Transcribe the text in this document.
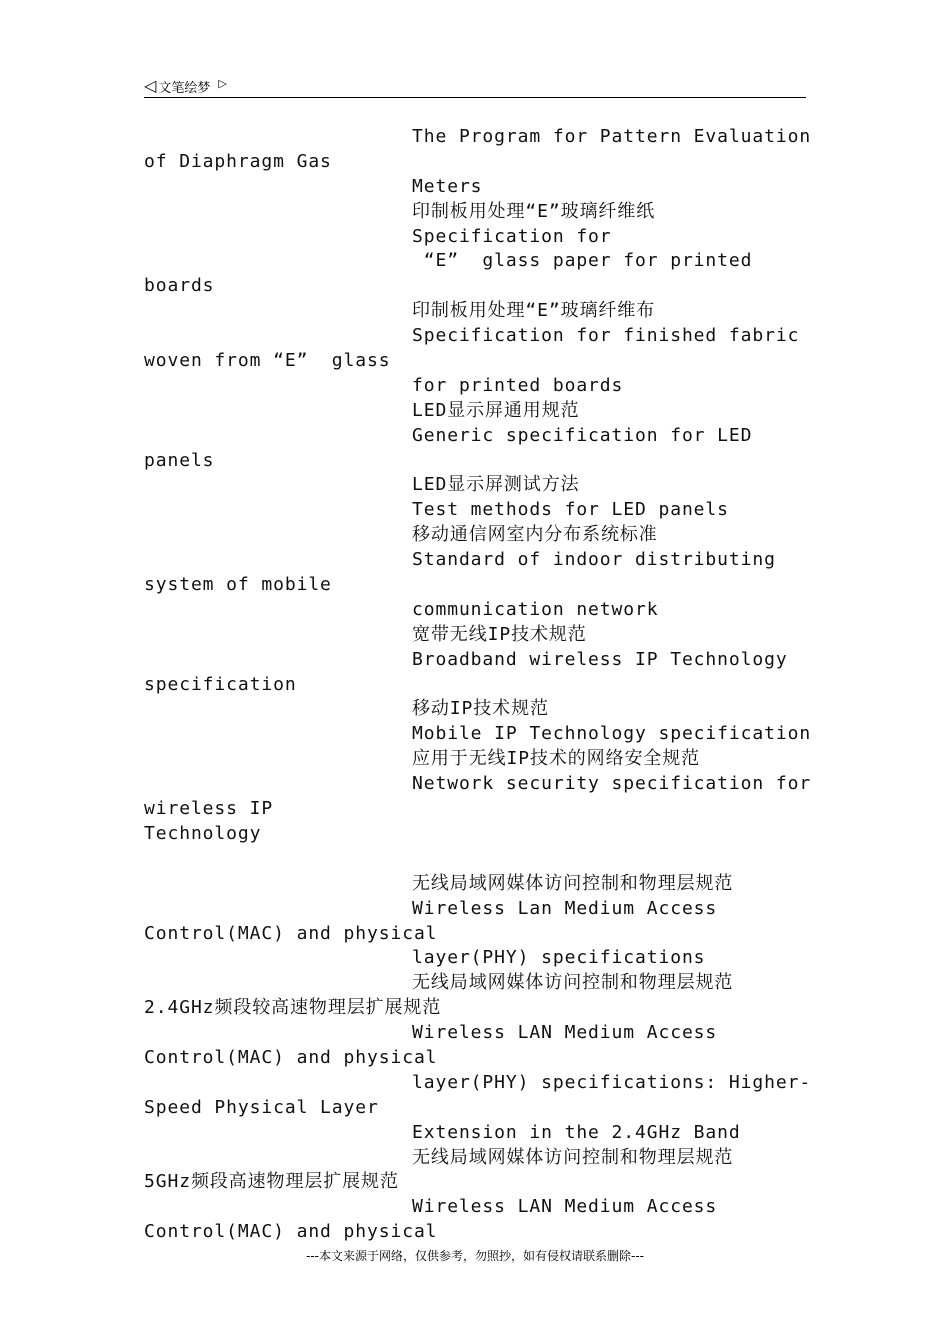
◁ 文笔绘梦 ▷
The Program for Pattern Evaluation
of Diaphragm Gas
Meters
印制板用处理“E”玻璃纤维纸
Specification for
“E”  glass paper for printed
boards
印制板用处理“E”玻璃纤维布
Specification for finished fabric
woven from “E”  glass
for printed boards
LED显示屏通用规范
Generic specification for LED
panels
LED显示屏测试方法
Test methods for LED panels
移动通信网室内分布系统标准
Standard of indoor distributing
system of mobile
communication network
宽带无线IP技术规范
Broadband wireless IP Technology
specification
移动IP技术规范
Mobile IP Technology specification
应用于无线IP技术的网络安全规范
Network security specification for
wireless IP
Technology
无线局域网媒体访问控制和物理层规范
Wireless Lan Medium Access
Control(MAC) and physical
layer(PHY) specifications
无线局域网媒体访问控制和物理层规范
2.4GHz频段较高速物理层扩展规范
Wireless LAN Medium Access
Control(MAC) and physical
layer(PHY) specifications: Higher-
Speed Physical Layer
Extension in the 2.4GHz Band
无线局域网媒体访问控制和物理层规范
5GHz频段高速物理层扩展规范
Wireless LAN Medium Access
Control(MAC) and physical
---本文来源于网络，仅供参考，勿照抄，如有侵权请联系删除---
